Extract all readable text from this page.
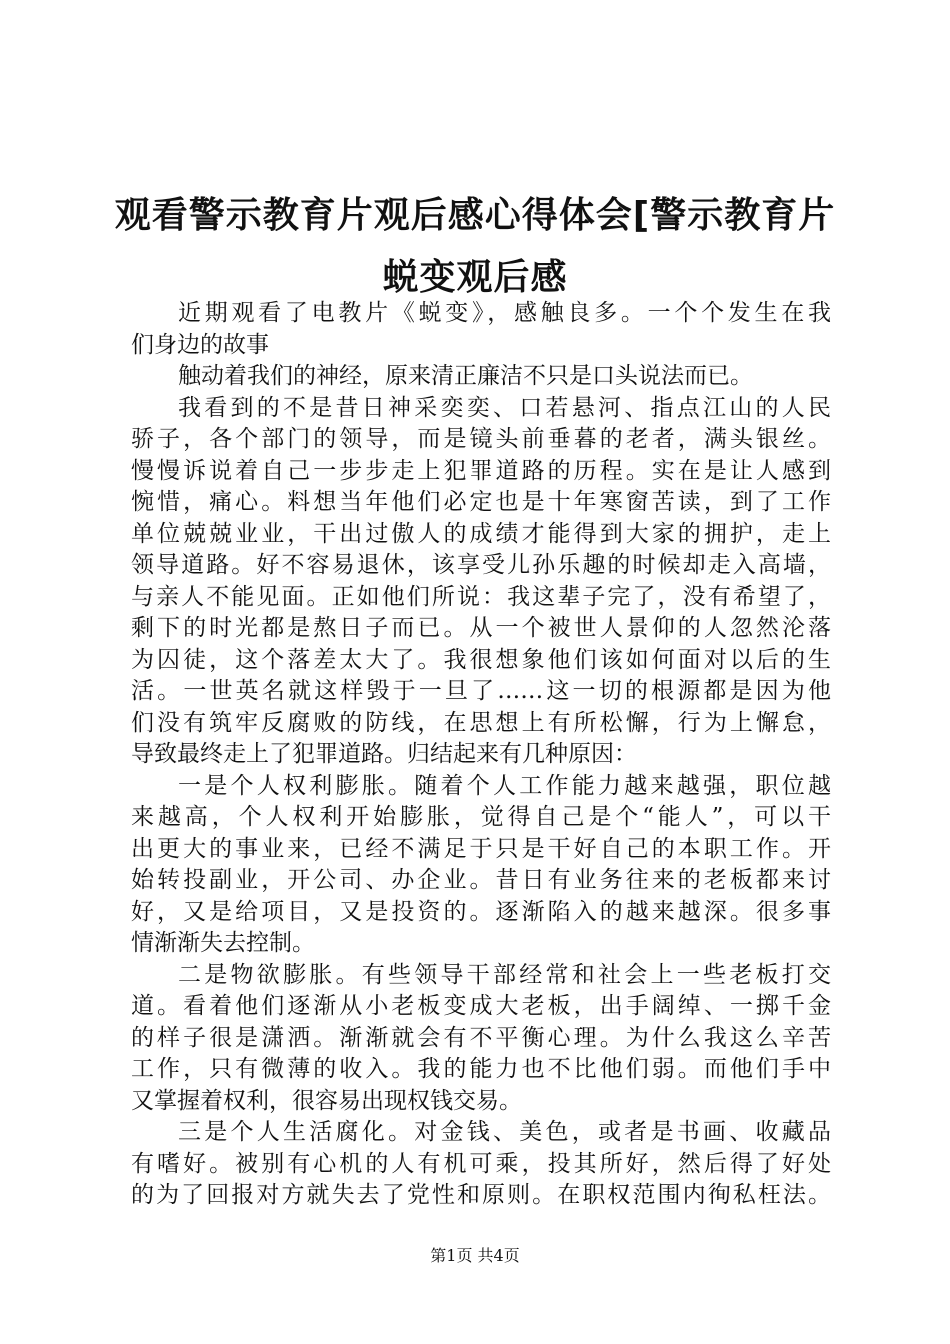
观看警示教育片观后感心得体会[警示教育片
蜕变观后感
近期观看了电教片《蜕变》，感触良多。一个个发生在我
们身边的故事
触动着我们的神经，原来清正廉洁不只是口头说法而已。
我看到的不是昔日神采奕奕、口若悬河、指点江山的人民
骄子，各个部门的领导，而是镜头前垂暮的老者，满头银丝。
慢慢诉说着自己一步步走上犯罪道路的历程。实在是让人感到
惋惜，痛心。料想当年他们必定也是十年寒窗苦读，到了工作
单位兢兢业业，干出过傲人的成绩才能得到大家的拥护，走上
领导道路。好不容易退休，该享受儿孙乐趣的时候却走入高墙，
与亲人不能见面。正如他们所说：我这辈子完了，没有希望了，
剩下的时光都是熬日子而已。从一个被世人景仰的人忽然沦落
为囚徒，这个落差太大了。我很想象他们该如何面对以后的生
活。一世英名就这样毁于一旦了……这一切的根源都是因为他
们没有筑牢反腐败的防线，在思想上有所松懈，行为上懈怠，
导致最终走上了犯罪道路。归结起来有几种原因：
一是个人权利膨胀。随着个人工作能力越来越强，职位越
来越高，个人权利开始膨胀，觉得自己是个“能人”，可以干
出更大的事业来，已经不满足于只是干好自己的本职工作。开
始转投副业，开公司、办企业。昔日有业务往来的老板都来讨
好，又是给项目，又是投资的。逐渐陷入的越来越深。很多事
情渐渐失去控制。
二是物欲膨胀。有些领导干部经常和社会上一些老板打交
道。看着他们逐渐从小老板变成大老板，出手阔绰、一掷千金
的样子很是潇洒。渐渐就会有不平衡心理。为什么我这么辛苦
工作，只有微薄的收入。我的能力也不比他们弱。而他们手中
又掌握着权利，很容易出现权钱交易。
三是个人生活腐化。对金钱、美色，或者是书画、收藏品
有嗜好。被别有心机的人有机可乘，投其所好，然后得了好处
的为了回报对方就失去了党性和原则。在职权范围内徇私枉法。
第1页 共4页
